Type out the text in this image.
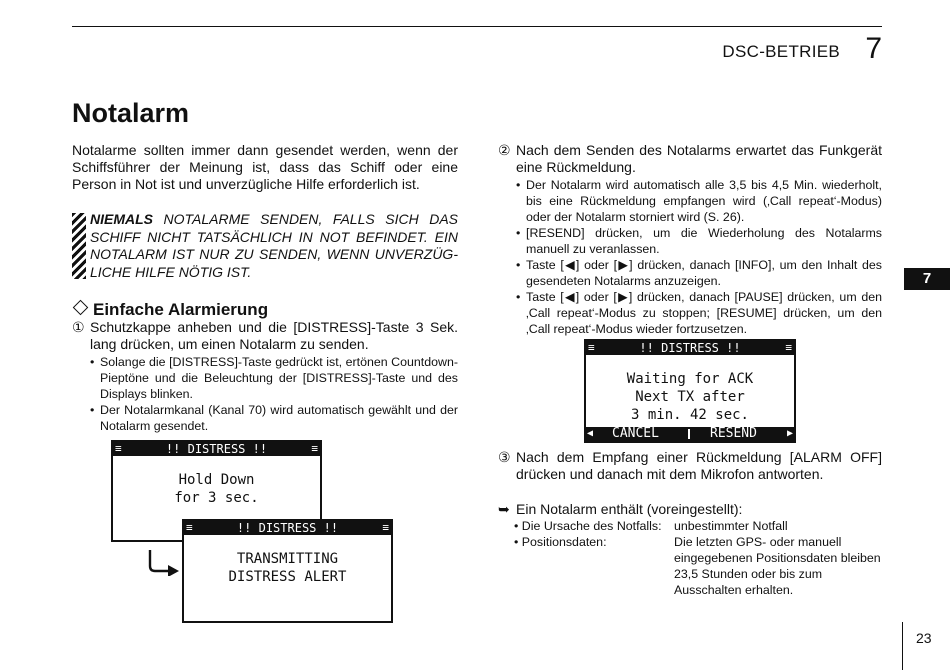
DSC-BETRIEB 7
Notalarm
Notalarme sollten immer dann gesendet werden, wenn der Schiffsführer der Meinung ist, dass das Schiff oder eine Person in Not ist und unverzügliche Hilfe erforderlich ist.
NIEMALS NOTALARME SENDEN, FALLS SICH DAS SCHIFF NICHT TATSÄCHLICH IN NOT BEFINDET. EIN NOTALARM IST NUR ZU SENDEN, WENN UNVERZÜGLICHE HILFE NÖTIG IST.
Einfache Alarmierung
① Schutzkappe anheben und die [DISTRESS]-Taste 3 Sek. lang drücken, um einen Notalarm zu senden.
• Solange die [DISTRESS]-Taste gedrückt ist, ertönen Countdown-Pieptöne und die Beleuchtung der [DISTRESS]-Taste und des Displays blinken.
• Der Notalarmkanal (Kanal 70) wird automatisch gewählt und der Notalarm gesendet.
!! DISTRESS !!
≡	≡
Hold Down
for 3 sec.
!! DISTRESS !!
≡	≡
TRANSMITTING
DISTRESS ALERT
② Nach dem Senden des Notalarms erwartet das Funkgerät eine Rückmeldung.
• Der Notalarm wird automatisch alle 3,5 bis 4,5 Min. wiederholt, bis eine Rückmeldung empfangen wird (‚Call repeat‘-Modus) oder der Notalarm storniert wird (S. 26).
• [RESEND] drücken, um die Wiederholung des Notalarms manuell zu veranlassen.
• Taste [◀] oder [▶] drücken, danach [INFO], um den Inhalt des gesendeten Notalarms anzuzeigen.
• Taste [◀] oder [▶] drücken, danach [PAUSE] drücken, um den ‚Call repeat‘-Modus zu stoppen; [RESUME] drücken, um den ‚Call repeat‘-Modus wieder fortzusetzen.
!! DISTRESS !!
≡	≡
Waiting for ACK
Next TX after
3 min. 42 sec.
◀ CANCEL	RESEND	▶
③ Nach dem Empfang einer Rückmeldung [ALARM OFF] drücken und danach mit dem Mikrofon antworten.
➥ Ein Notalarm enthält (voreingestellt):
• Die Ursache des Notfalls: unbestimmter Notfall
• Positionsdaten:	Die letzten GPS- oder manuell eingegebenen Positionsdaten bleiben 23,5 Stunden oder bis zum Ausschalten erhalten.
7
23
